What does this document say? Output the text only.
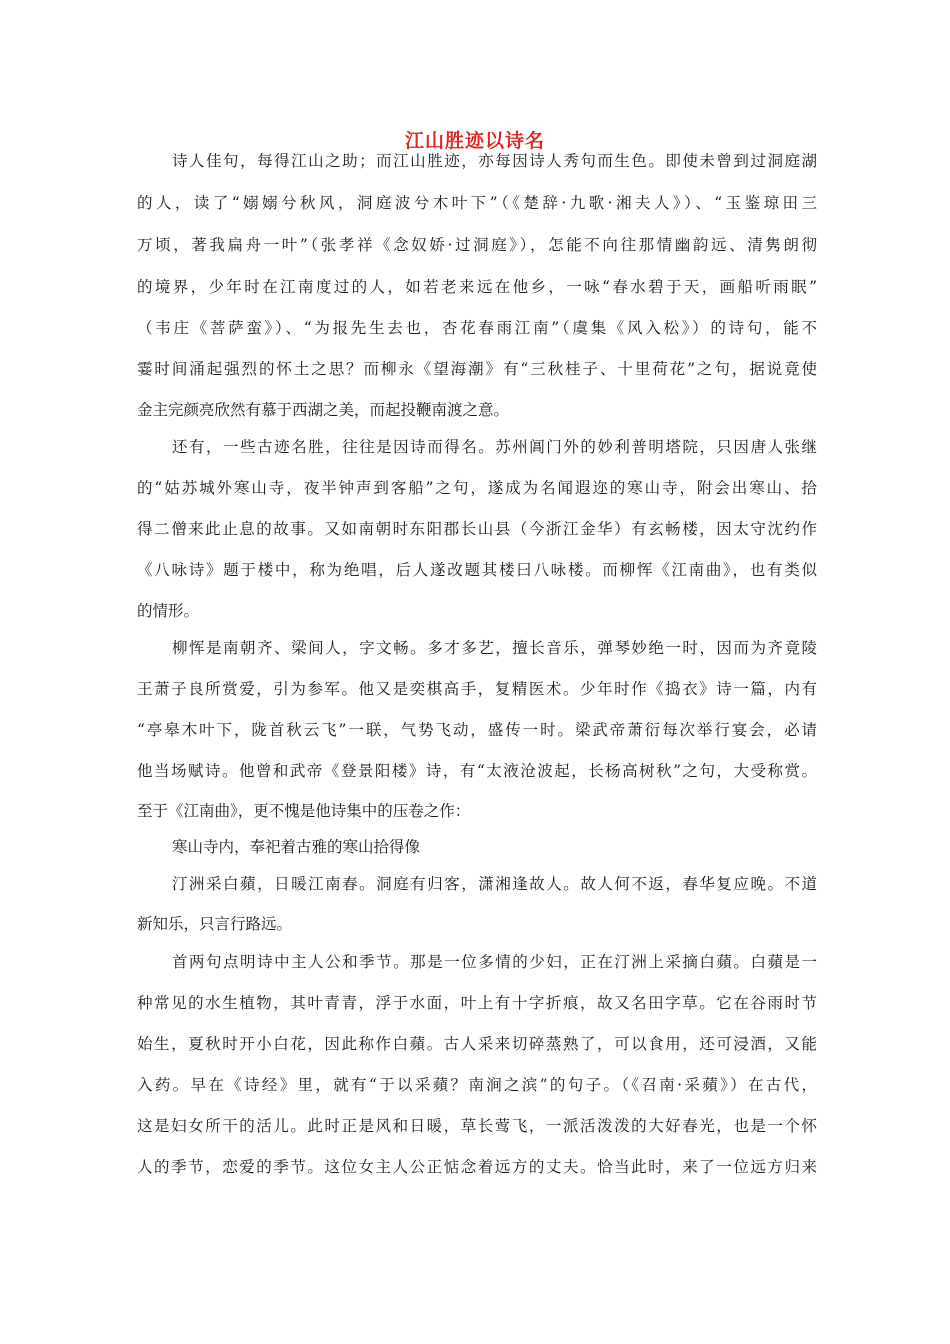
江山胜迹以诗名

诗人佳句，每得江山之助；而江山胜迹，亦每因诗人秀句而生色。即使未曾到过洞庭湖

的人，读了“嫋嫋兮秋风，洞庭波兮木叶下”（《楚辞·九歌·湘夫人》）、“玉鉴琼田三

万顷，著我扁舟一叶”（张孝祥《念奴娇·过洞庭》），怎能不向往那情幽韵远、清隽朗彻

的境界，少年时在江南度过的人，如若老来远在他乡，一咏“春水碧于天，画船听雨眠”

（韦庄《菩萨蛮》）、“为报先生去也，杏花春雨江南”（虞集《风入松》）的诗句，能不

霎时间涌起强烈的怀土之思？而柳永《望海潮》有“三秋桂子、十里荷花”之句，据说竟使

金主完颜亮欣然有慕于西湖之美，而起投鞭南渡之意。

还有，一些古迹名胜，往往是因诗而得名。苏州阊门外的妙利普明塔院，只因唐人张继

的“姑苏城外寒山寺，夜半钟声到客船”之句，遂成为名闻遐迩的寒山寺，附会出寒山、拾

得二僧来此止息的故事。又如南朝时东阳郡长山县（今浙江金华）有玄畅楼，因太守沈约作

《八咏诗》题于楼中，称为绝唱，后人遂改题其楼曰八咏楼。而柳恽《江南曲》，也有类似

的情形。

柳恽是南朝齐、梁间人，字文畅。多才多艺，擅长音乐，弹琴妙绝一时，因而为齐竟陵

王萧子良所赏爱，引为参军。他又是奕棋高手，复精医术。少年时作《捣衣》诗一篇，内有

“亭皋木叶下，陇首秋云飞”一联，气势飞动，盛传一时。梁武帝萧衍每次举行宴会，必请

他当场赋诗。他曾和武帝《登景阳楼》诗，有“太液沧波起，长杨高树秋”之句，大受称赏。

至于《江南曲》，更不愧是他诗集中的压卷之作：

寒山寺内，奉祀着古雅的寒山拾得像

汀洲采白蘋，日暖江南春。洞庭有归客，潇湘逢故人。故人何不返，春华复应晚。不道

新知乐，只言行路远。

首两句点明诗中主人公和季节。那是一位多情的少妇，正在汀洲上采摘白蘋。白蘋是一

种常见的水生植物，其叶青青，浮于水面，叶上有十字折痕，故又名田字草。它在谷雨时节

始生，夏秋时开小白花，因此称作白蘋。古人采来切碎蒸熟了，可以食用，还可浸酒，又能

入药。早在《诗经》里，就有“于以采蘋？南涧之滨”的句子。（《召南·采蘋》）在古代，

这是妇女所干的活儿。此时正是风和日暖，草长莺飞，一派活泼泼的大好春光，也是一个怀

人的季节，恋爱的季节。这位女主人公正惦念着远方的丈夫。恰当此时，来了一位远方归来
